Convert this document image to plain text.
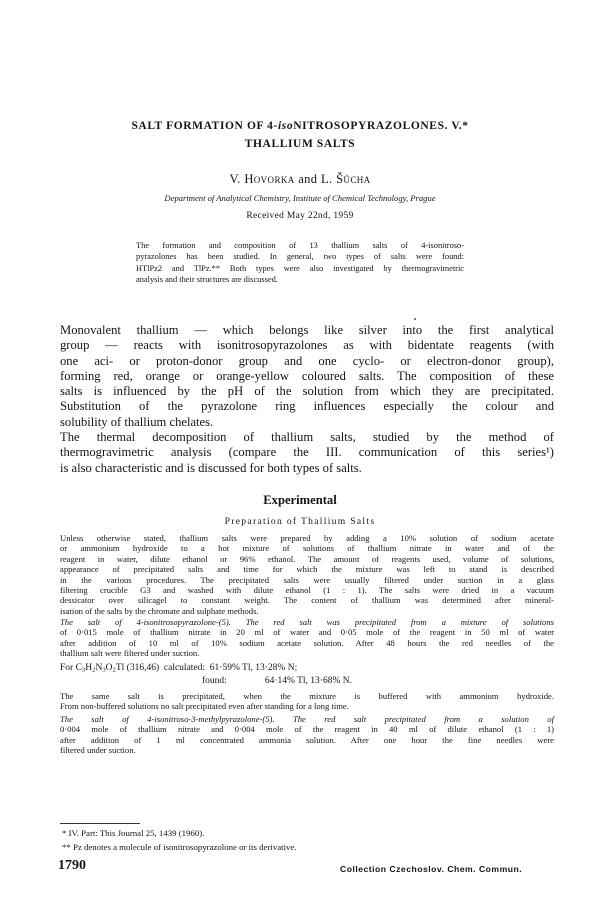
SALT FORMATION OF 4-isoNITROSOPYRAZOLONES. V.*
THALLIUM SALTS
V. Hovorka and L. Šůcha
Department of Analytical Chemistry, Institute of Chemical Technology, Prague
Received May 22nd, 1959
The formation and composition of 13 thallium salts of 4-isonitroso-
pyrazolones has been studied. In general, two types of salts were found:
HTlPz2 and TlPz.** Both types were also investigated by thermogravimetric
analysis and their structures are discussed.
Monovalent thallium — which belongs like silver into the first analytical
group — reacts with isonitrosopyrazolones as with bidentate reagents (with
one aci- or proton-donor group and one cyclo- or electron-donor group),
forming red, orange or orange-yellow coloured salts. The composition of these
salts is influenced by the pH of the solution from which they are precipitated.
Substitution of the pyrazolone ring influences especially the colour and
solubility of thallium chelates.
The thermal decomposition of thallium salts, studied by the method of
thermogravimetric analysis (compare the III. communication of this series¹)
is also characteristic and is discussed for both types of salts.
Experimental
Preparation of Thallium Salts
Unless otherwise stated, thallium salts were prepared by adding a 10% solution of sodium acetate
or ammonium hydroxide to a hot mixture of solutions of thallium nitrate in water and of the
reagent in water, dilute ethanol or 96% ethanol. The amount of reagents used, volume of solutions,
appearance of precipitated salts and time for which the mixture was left to stand is described
in the various procedures. The precipitated salts were usually filtered under suction in a glass
filtering crucible G3 and washed with dilute ethanol (1 : 1). The salts were dried in a vacuum
dessicator over silicagel to constant weight. The content of thallium was determined after mineral-
isation of the salts by the chromate and sulphate methods.
The salt of 4-isonitrosopyrazolone-(5). The red salt was precipitated from a mixture of solutions
of 0·015 mole of thallium nitrate in 20 ml of water and 0·05 mole of the reagent in 50 ml of water
after addition of 10 ml of 10% sodium acetate solution. After 48 hours the red needles of the
thallium salt were filtered under suction.
For $C_3H_2N_3O_2Tl$ (316,46)  calculated: 61·59% Tl, 13·28% N;
found:	64·14% Tl, 13·68% N.
The same salt is precipitated, when the mixture is buffered with ammonium hydroxide.
From non-buffered solutions no salt precipitated even after standing for a long time.
The salt of 4-isonitroso-3-methylpyrazolone-(5). The red salt precipitated from a solution of
0·004 mole of thallium nitrate and 0·004 mole of the reagent in 40 ml of dilute ethanol (1 : 1)
after addition of 1 ml concentrated ammonia solution. After one hour the fine needles were
filtered under suction.
* IV. Part: This Journal 25, 1439 (1960).
** Pz denotes a molecule of isonitrosopyrazolone or its derivative.
1790	Collection Czechoslov. Chem. Commun.
